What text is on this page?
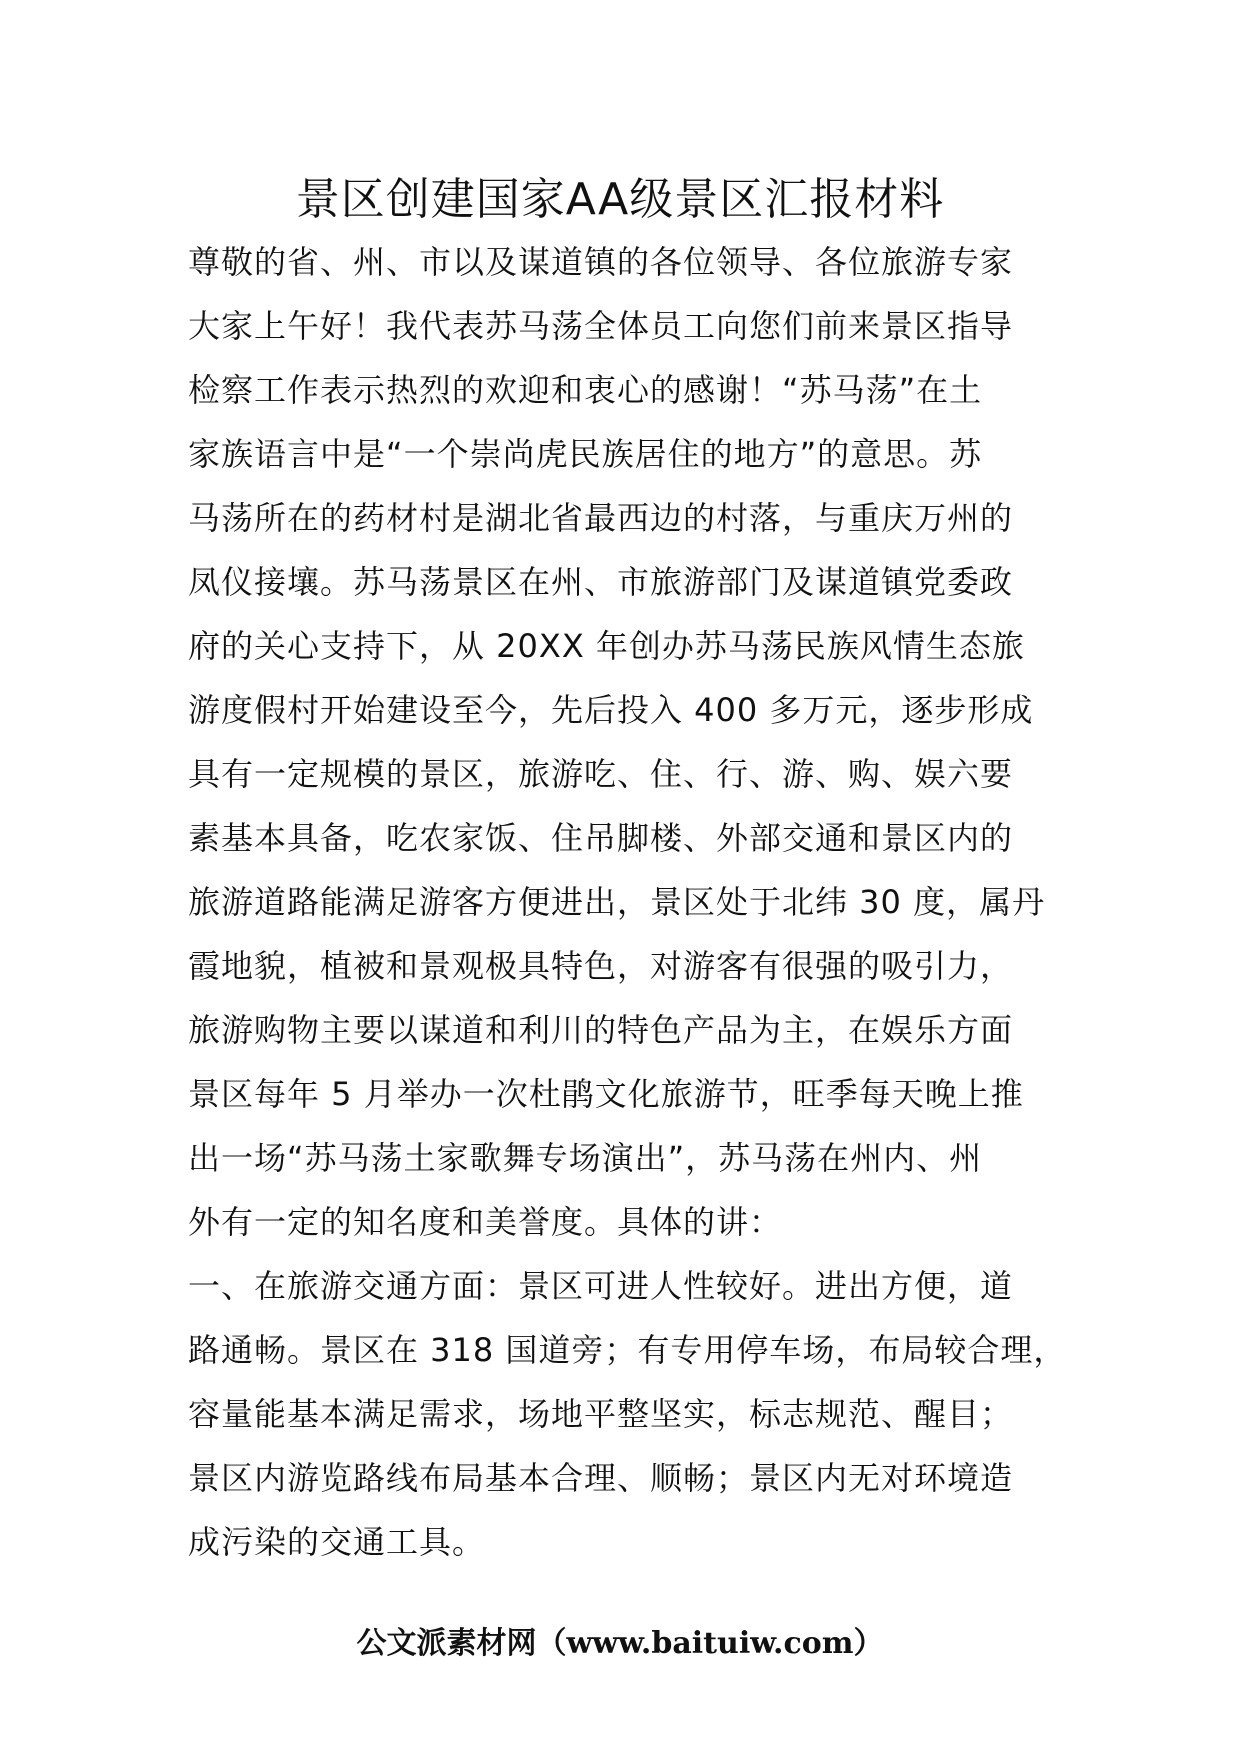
景区创建国家AA级景区汇报材料
尊敬的省、州、市以及谋道镇的各位领导、各位旅游专家
大家上午好！我代表苏马荡全体员工向您们前来景区指导
检察工作表示热烈的欢迎和衷心的感谢！“苏马荡”在土
家族语言中是“一个崇尚虎民族居住的地方”的意思。苏
马荡所在的药材村是湖北省最西边的村落，与重庆万州的
凤仪接壤。苏马荡景区在州、市旅游部门及谋道镇党委政
府的关心支持下，从 20XX 年创办苏马荡民族风情生态旅
游度假村开始建设至今，先后投入 400 多万元，逐步形成
具有一定规模的景区，旅游吃、住、行、游、购、娱六要
素基本具备，吃农家饭、住吊脚楼、外部交通和景区内的
旅游道路能满足游客方便进出，景区处于北纬 30 度，属丹
霞地貌，植被和景观极具特色，对游客有很强的吸引力，
旅游购物主要以谋道和利川的特色产品为主，在娱乐方面
景区每年 5 月举办一次杜鹃文化旅游节，旺季每天晚上推
出一场“苏马荡土家歌舞专场演出”，苏马荡在州内、州
外有一定的知名度和美誉度。具体的讲：
一、在旅游交通方面：景区可进人性较好。进出方便，道
路通畅。景区在 318 国道旁；有专用停车场，布局较合理，
容量能基本满足需求，场地平整坚实，标志规范、醒目；
景区内游览路线布局基本合理、顺畅；景区内无对环境造
成污染的交通工具。
公文派素材网（www.baituiw.com）
